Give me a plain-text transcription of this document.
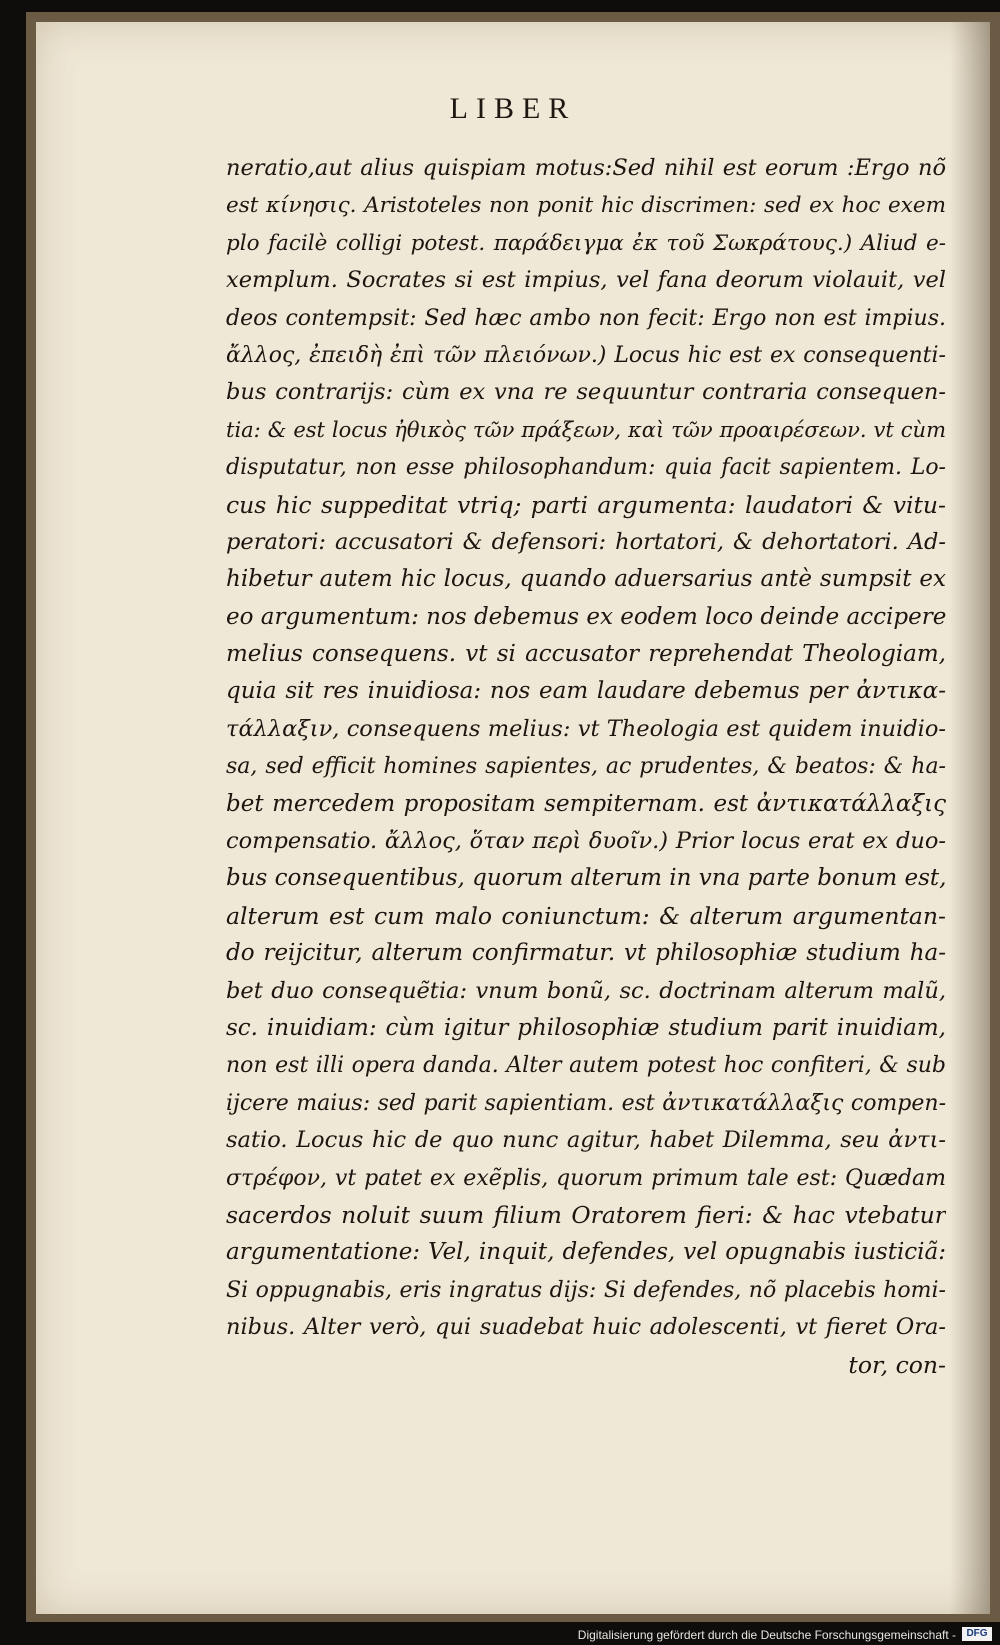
LIBER
neratio,aut alius quispiam motus:Sed nihil est eorum :Ergo nõ
est κίνησις. Aristoteles non ponit hic discrimen: sed ex hoc exem
plo facilè colligi potest. παράδειγμα ἐκ τοῦ Σωκράτους.) Aliud e-
xemplum. Socrates si est impius, vel fana deorum violauit, vel
deos contempsit: Sed hæc ambo non fecit: Ergo non est impius.
ἄλλος, ἐπειδὴ ἐπὶ τῶν πλειόνων.) Locus hic est ex consequenti-
bus contrarijs: cùm ex vna re sequuntur contraria consequen-
tia: & est locus ἠθικὸς τῶν πράξεων, καὶ τῶν προαιρέσεων. vt cùm
disputatur, non esse philosophandum: quia facit sapientem. Lo-
cus hic suppeditat vtriq; parti argumenta: laudatori & vitu-
peratori: accusatori & defensori: hortatori, & dehortatori. Ad-
hibetur autem hic locus, quando aduersarius antè sumpsit ex
eo argumentum: nos debemus ex eodem loco deinde accipere
melius consequens. vt si accusator reprehendat Theologiam,
quia sit res inuidiosa: nos eam laudare debemus per ἀντικα-
τάλλαξιν, consequens melius: vt Theologia est quidem inuidio-
sa, sed efficit homines sapientes, ac prudentes, & beatos: & ha-
bet mercedem propositam sempiternam. est ἀντικατάλλαξις
compensatio. ἄλλος, ὅταν περὶ δυοῖν.) Prior locus erat ex duo-
bus consequentibus, quorum alterum in vna parte bonum est,
alterum est cum malo coniunctum: & alterum argumentan-
do reijcitur, alterum confirmatur. vt philosophiæ studium ha-
bet duo consequẽtia: vnum bonũ, sc. doctrinam alterum malũ,
sc. inuidiam: cùm igitur philosophiæ studium parit inuidiam,
non est illi opera danda. Alter autem potest hoc confiteri, & sub
ijcere maius: sed parit sapientiam. est ἀντικατάλλαξις compen-
satio. Locus hic de quo nunc agitur, habet Dilemma, seu ἀντι-
στρέφον, vt patet ex exẽplis, quorum primum tale est: Quædam
sacerdos noluit suum filium Oratorem fieri: & hac vtebatur
argumentatione: Vel, inquit, defendes, vel opugnabis iusticiã:
Si oppugnabis, eris ingratus dijs: Si defendes, nõ placebis homi-
nibus. Alter verò, qui suadebat huic adolescenti, vt fieret Ora-
tor, con-
Digitalisierung gefördert durch die Deutsche Forschungsgemeinschaft -	DFG
